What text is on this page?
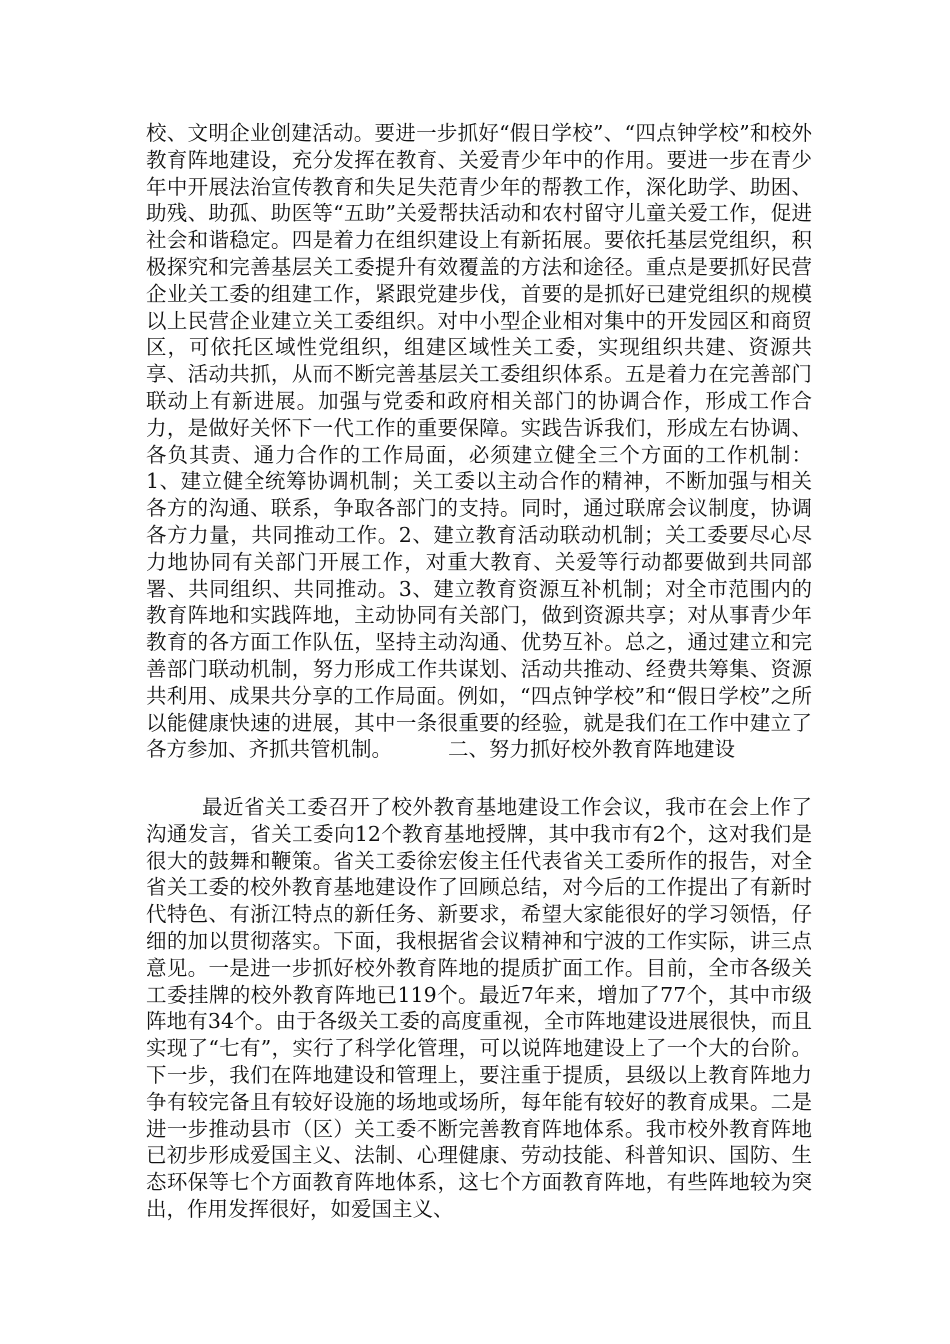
校、文明企业创建活动。要进一步抓好“假日学校”、“四点钟学校”和校外教育阵地建设，充分发挥在教育、关爱青少年中的作用。要进一步在青少年中开展法治宣传教育和失足失范青少年的帮教工作，深化助学、助困、助残、助孤、助医等“五助”关爱帮扶活动和农村留守儿童关爱工作，促进社会和谐稳定。四是着力在组织建设上有新拓展。要依托基层党组织，积极探究和完善基层关工委提升有效覆盖的方法和途径。重点是要抓好民营企业关工委的组建工作，紧跟党建步伐，首要的是抓好已建党组织的规模以上民营企业建立关工委组织。对中小型企业相对集中的开发园区和商贸区，可依托区域性党组织，组建区域性关工委，实现组织共建、资源共享、活动共抓，从而不断完善基层关工委组织体系。五是着力在完善部门联动上有新进展。加强与党委和政府相关部门的协调合作，形成工作合力，是做好关怀下一代工作的重要保障。实践告诉我们，形成左右协调、各负其责、通力合作的工作局面，必须建立健全三个方面的工作机制：1、建立健全统筹协调机制；关工委以主动合作的精神，不断加强与相关各方的沟通、联系，争取各部门的支持。同时，通过联席会议制度，协调各方力量，共同推动工作。2、建立教育活动联动机制；关工委要尽心尽力地协同有关部门开展工作，对重大教育、关爱等行动都要做到共同部署、共同组织、共同推动。3、建立教育资源互补机制；对全市范围内的教育阵地和实践阵地，主动协同有关部门，做到资源共享；对从事青少年教育的各方面工作队伍，坚持主动沟通、优势互补。总之，通过建立和完善部门联动机制，努力形成工作共谋划、活动共推动、经费共筹集、资源共利用、成果共分享的工作局面。例如，“四点钟学校”和“假日学校”之所以能健康快速的进展，其中一条很重要的经验，就是我们在工作中建立了各方参加、齐抓共管机制。	二、努力抓好校外教育阵地建设

最近省关工委召开了校外教育基地建设工作会议，我市在会上作了沟通发言，省关工委向12个教育基地授牌，其中我市有2个，这对我们是很大的鼓舞和鞭策。省关工委徐宏俊主任代表省关工委所作的报告，对全省关工委的校外教育基地建设作了回顾总结，对今后的工作提出了有新时代特色、有浙江特点的新任务、新要求，希望大家能很好的学习领悟，仔细的加以贯彻落实。下面，我根据省会议精神和宁波的工作实际，讲三点意见。一是进一步抓好校外教育阵地的提质扩面工作。目前，全市各级关工委挂牌的校外教育阵地已119个。最近7年来，增加了77个，其中市级阵地有34个。由于各级关工委的高度重视，全市阵地建设进展很快，而且实现了“七有”，实行了科学化管理，可以说阵地建设上了一个大的台阶。下一步，我们在阵地建设和管理上，要注重于提质，县级以上教育阵地力争有较完备且有较好设施的场地或场所，每年能有较好的教育成果。二是进一步推动县市（区）关工委不断完善教育阵地体系。我市校外教育阵地已初步形成爱国主义、法制、心理健康、劳动技能、科普知识、国防、生态环保等七个方面教育阵地体系，这七个方面教育阵地，有些阵地较为突出，作用发挥很好，如爱国主义、
